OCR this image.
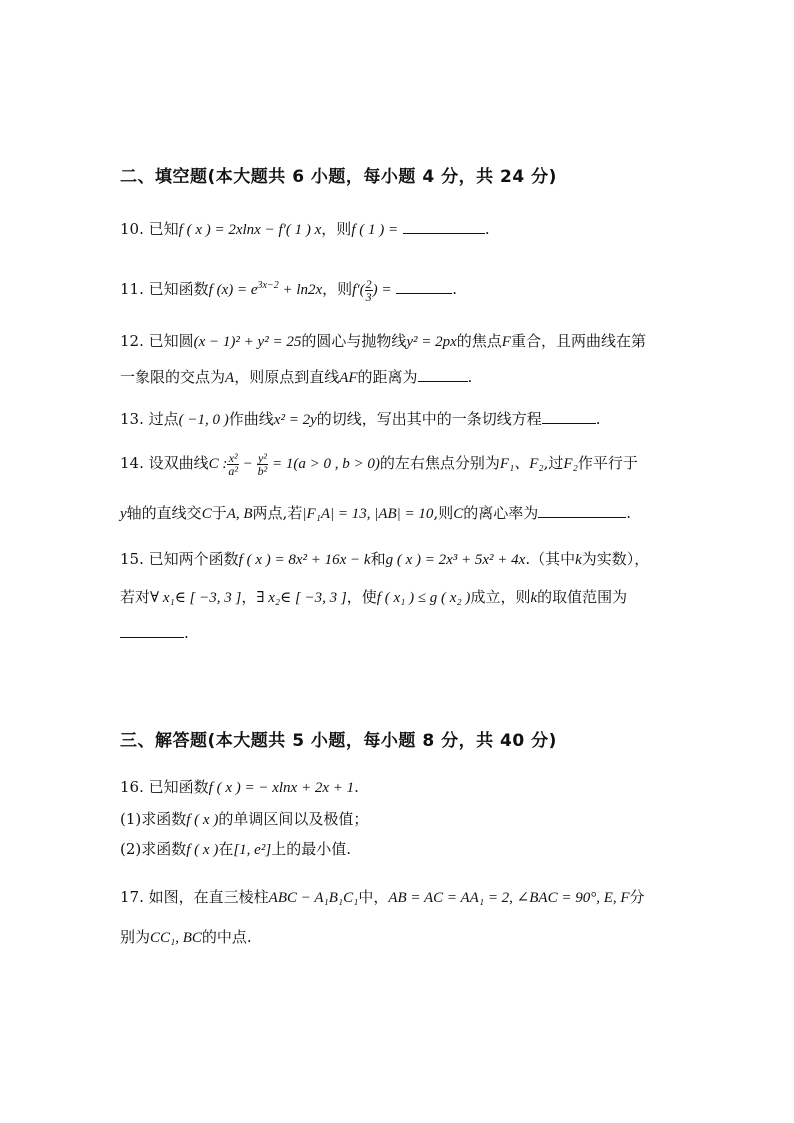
二、填空题(本大题共 6 小题，每小题 4 分，共 24 分)
10. 已知f ( x ) = 2xlnx − f′( 1 ) x，则f ( 1 ) =	.
11. 已知函数f $(x) = e^{3x-2} + \ln 2x$，则$f'( \frac{2}{3}$ ) =	.
12. 已知圆(x − 1)² + y² = 25的圆心与抛物线y² = 2px的焦点F重合，且两曲线在第
一象限的交点为A，则原点到直线AF的距离为	.
13. 过点( −1, 0 )作曲线x² = 2y的切线，写出其中的一条切线方程	.
14. 设双曲线C : $\frac{\text{x²}}{\text{a²}} - \frac{\text{y²}}{\text{b²}} = 1(a > 0$ , b > 0)的左右焦点分别为F₁、F₂,过F₂作平行于
y轴的直线交C于A, B两点,若|F₁A| = 13, |AB| = 10,则C的离心率为	.
15. 已知两个函数f ( x ) = 8x² + 16x − k和g ( x ) = 2x³ + 5x² + 4x.（其中k为实数），
若对∀ x₁∈ [ −3, 3 ]，∃ x₂∈ [ −3, 3 ]，使f ( x₁ ) ≤ g ( x₂ )成立，则k的取值范围为
.
三、解答题(本大题共 5 小题，每小题 8 分，共 40 分)
16. 已知函数f ( x ) = − xlnx + 2x + 1.
(1)求函数f ( x )的单调区间以及极值；
(2)求函数f ( x )在[1, e²]上的最小值.
17. 如图，在直三棱柱ABC − A₁B₁C₁中，AB = AC = AA₁ = 2, ∠BAC = 90°, E, F分
别为CC₁, BC的中点.
